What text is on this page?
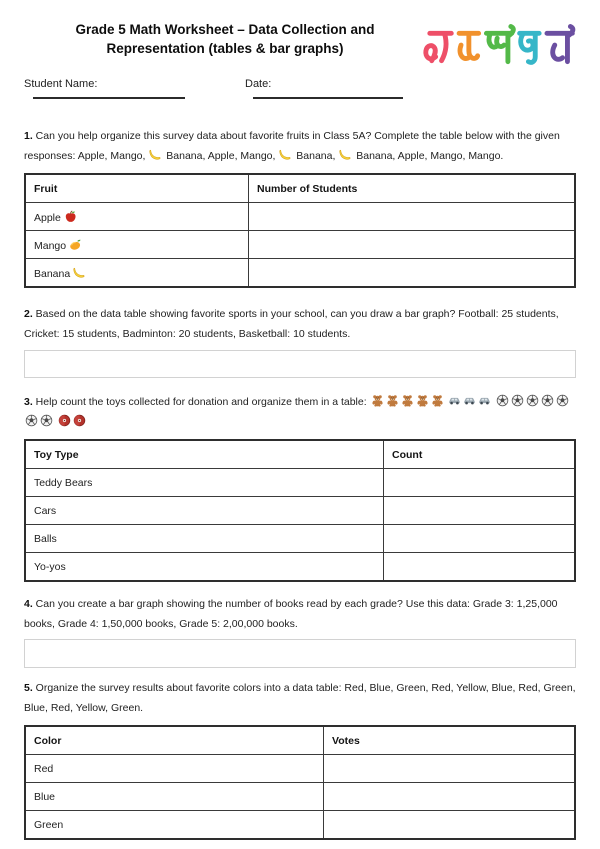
Grade 5 Math Worksheet – Data Collection and Representation (tables & bar graphs)
Student Name:	Date:
1. Can you help organize this survey data about favorite fruits in Class 5A? Complete the table below with the given responses: Apple, Mango,
Banana, Apple, Mango,
Banana,
Banana, Apple, Mango, Mango.
Fruit	Number of Students
Apple

Mango

Banana

2. Based on the data table showing favorite sports in your school, can you draw a bar graph? Football: 25 students, Cricket: 15 students, Badminton: 20 students, Basketball: 10 students.
3. Help count the toys collected for donation and organize them in a table:

Toy Type	Count
Teddy Bears	
Cars	
Balls	
Yo-yos	
4. Can you create a bar graph showing the number of books read by each grade? Use this data: Grade 3: 1,25,000 books, Grade 4: 1,50,000 books, Grade 5: 2,00,000 books.
5. Organize the survey results about favorite colors into a data table: Red, Blue, Green, Red, Yellow, Blue, Red, Green, Blue, Red, Yellow, Green.
Color	Votes
Red	
Blue	
Green	
